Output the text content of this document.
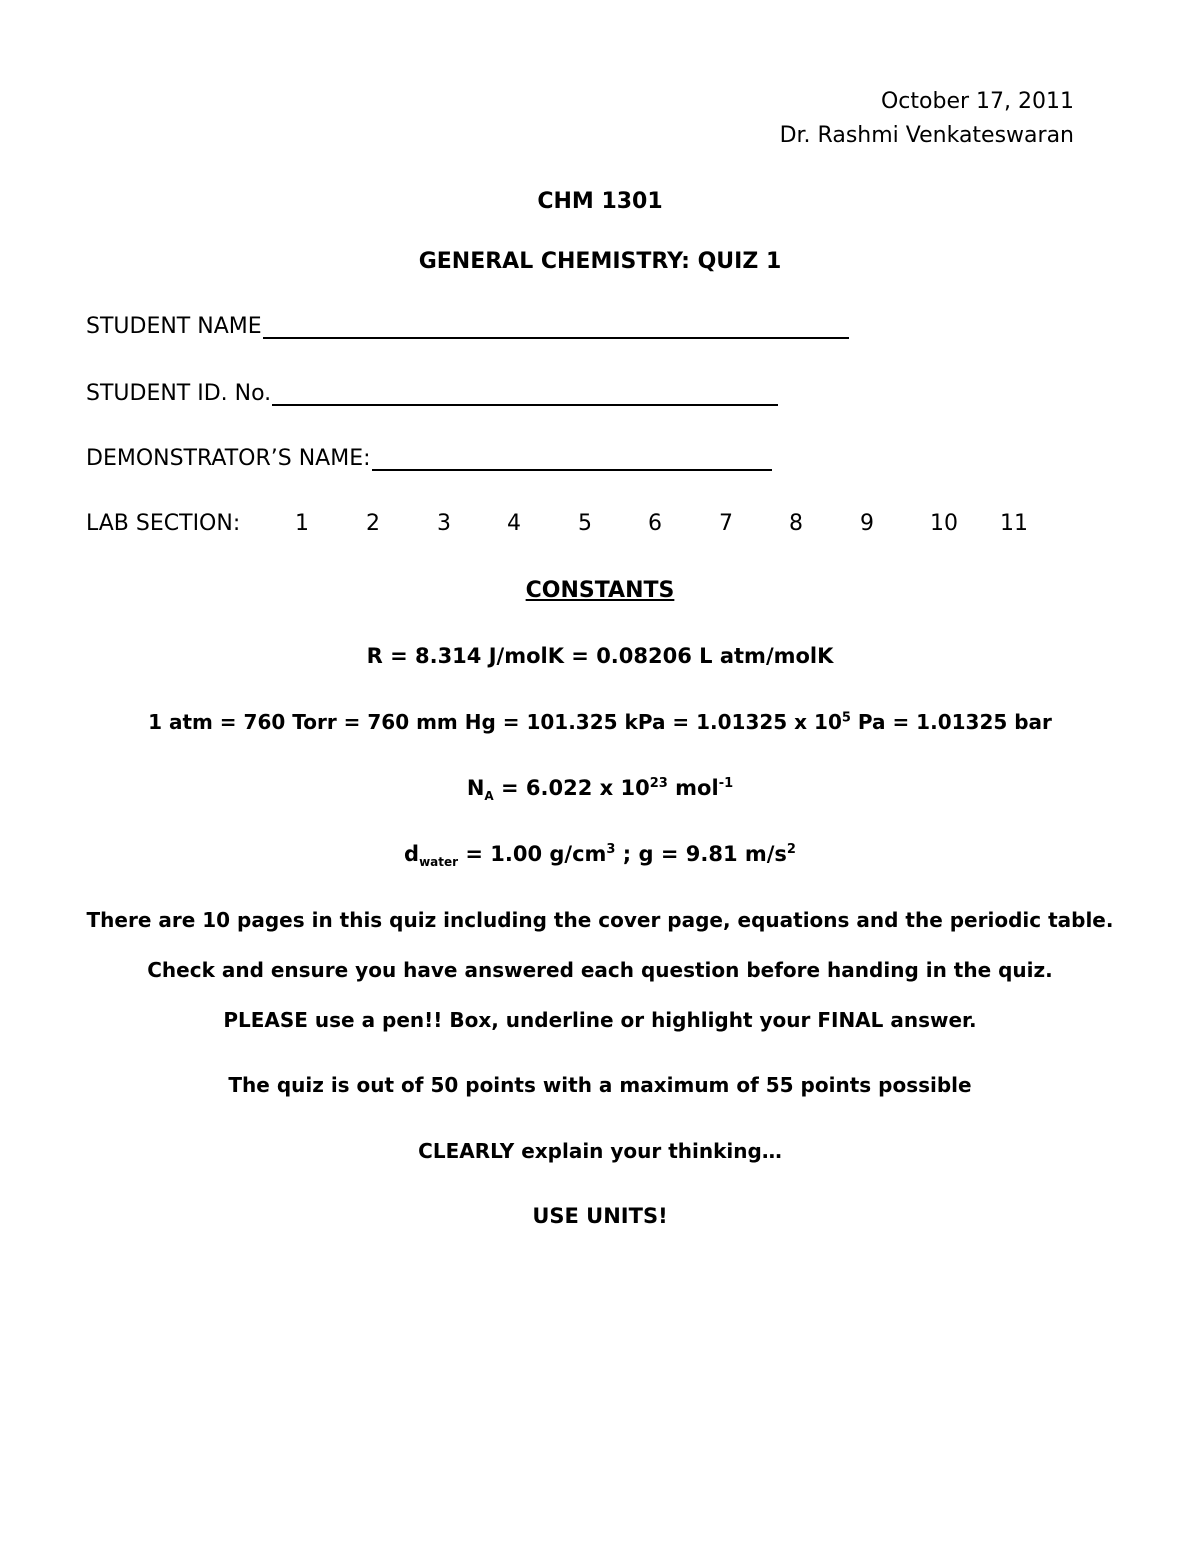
October 17, 2011
Dr. Rashmi Venkateswaran
CHM 1301
GENERAL CHEMISTRY: QUIZ 1
STUDENT NAME
STUDENT ID. No.
DEMONSTRATOR’S NAME:
LAB SECTION: 1	2	3	4	5	6	7	8	9	10 11
CONSTANTS
R = 8.314 J/molK = 0.08206 L atm/molK
1 atm = 760 Torr = 760 mm Hg = 101.325 kPa = 1.01325 x $10^5$ Pa = 1.01325 bar
$N_A = 6.022$ x $10^{23}$ mol$^{-1}$
$d_{water} = 1.00$ $g/cm^3$ ; g = 9.81 $m/s^2$
There are 10 pages in this quiz including the cover page, equations and the periodic table.
Check and ensure you have answered each question before handing in the quiz.
PLEASE use a pen!! Box, underline or highlight your FINAL answer.
The quiz is out of 50 points with a maximum of 55 points possible
CLEARLY explain your thinking…
USE UNITS!
